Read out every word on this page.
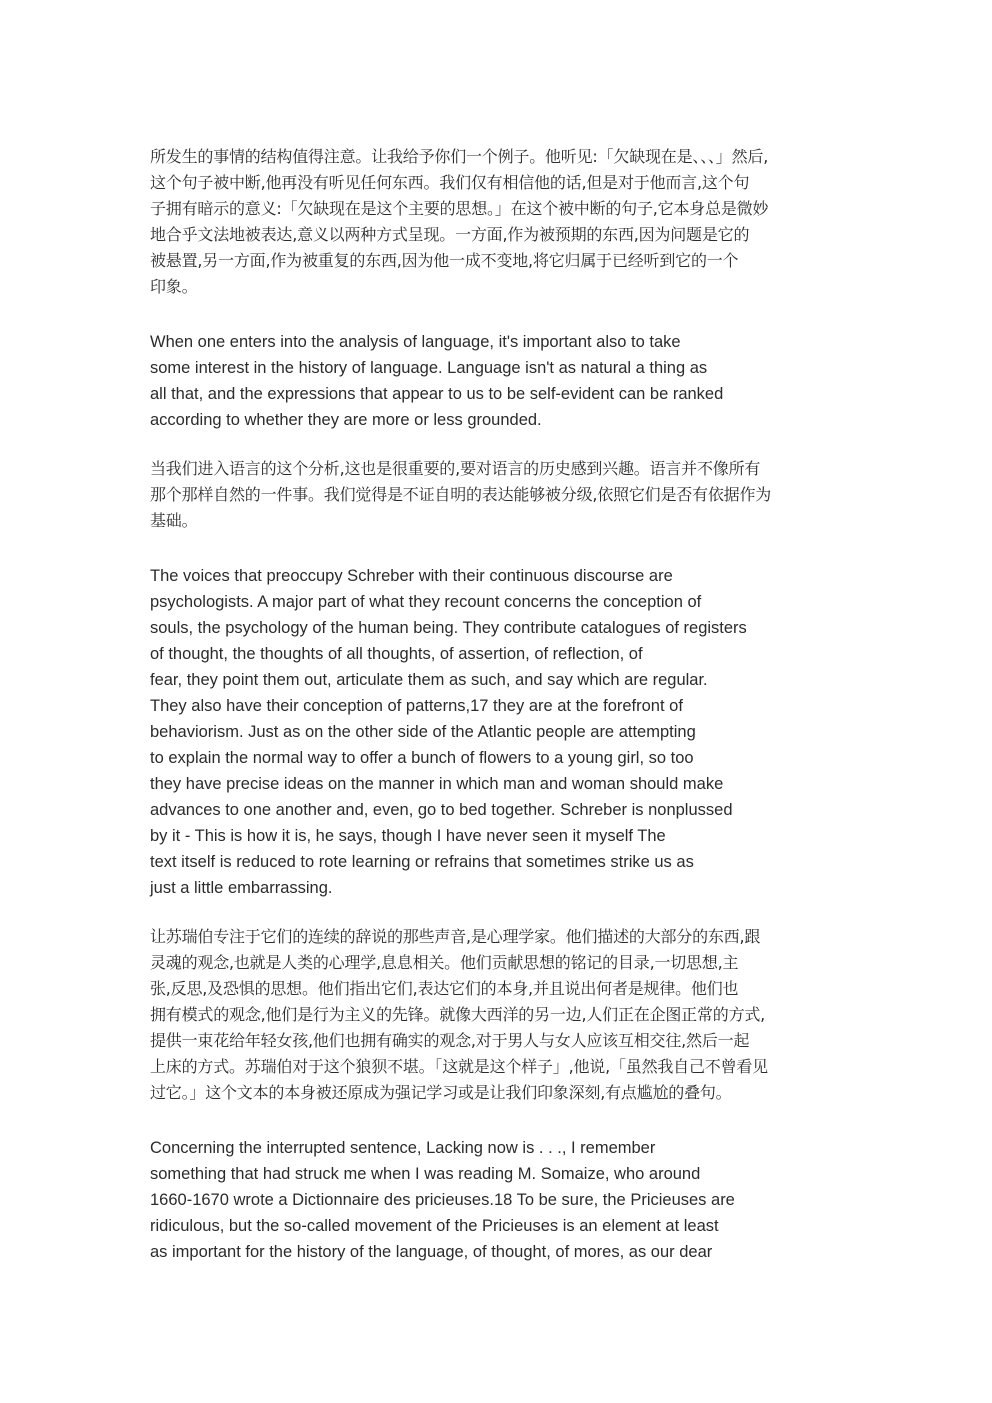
所发生的事情的结构值得注意。让我给予你们一个例子。他听见:「欠缺现在是、、、」然后,
这个句子被中断,他再没有听见任何东西。我们仅有相信他的话,但是对于他而言,这个句
子拥有暗示的意义:「欠缺现在是这个主要的思想。」在这个被中断的句子,它本身总是微妙
地合乎文法地被表达,意义以两种方式呈现。一方面,作为被预期的东西,因为问题是它的
被悬置,另一方面,作为被重复的东西,因为他一成不变地,将它归属于已经听到它的一个
印象。
When one enters into the analysis of language, it's important also to take
some interest in the history of language. Language isn't as natural a thing as
all that, and the expressions that appear to us to be self-evident can be ranked
according to whether they are more or less grounded.
当我们进入语言的这个分析,这也是很重要的,要对语言的历史感到兴趣。语言并不像所有
那个那样自然的一件事。我们觉得是不证自明的表达能够被分级,依照它们是否有依据作为
基础。
The voices that preoccupy Schreber with their continuous discourse are
psychologists. A major part of what they recount concerns the conception of
souls, the psychology of the human being. They contribute catalogues of registers
of thought, the thoughts of all thoughts, of assertion, of reflection, of
fear, they point them out, articulate them as such, and say which are regular.
They also have their conception of patterns,17 they are at the forefront of
behaviorism. Just as on the other side of the Atlantic people are attempting
to explain the normal way to offer a bunch of flowers to a young girl, so too
they have precise ideas on the manner in which man and woman should make
advances to one another and, even, go to bed together. Schreber is nonplussed
by it - This is how it is, he says, though I have never seen it myself The
text itself is reduced to rote learning or refrains that sometimes strike us as
just a little embarrassing.
让苏瑞伯专注于它们的连续的辞说的那些声音,是心理学家。他们描述的大部分的东西,跟
灵魂的观念,也就是人类的心理学,息息相关。他们贡献思想的铭记的目录,一切思想,主
张,反思,及恐惧的思想。他们指出它们,表达它们的本身,并且说出何者是规律。他们也
拥有模式的观念,他们是行为主义的先锋。就像大西洋的另一边,人们正在企图正常的方式,
提供一束花给年轻女孩,他们也拥有确实的观念,对于男人与女人应该互相交往,然后一起
上床的方式。苏瑞伯对于这个狼狈不堪。「这就是这个样子」,他说,「虽然我自己不曾看见
过它。」这个文本的本身被还原成为强记学习或是让我们印象深刻,有点尴尬的叠句。
Concerning the interrupted sentence, Lacking now is . . ., I remember
something that had struck me when I was reading M. Somaize, who around
1660-1670 wrote a Dictionnaire des pricieuses.18 To be sure, the Pricieuses are
ridiculous, but the so-called movement of the Pricieuses is an element at least
as important for the history of the language, of thought, of mores, as our dear
